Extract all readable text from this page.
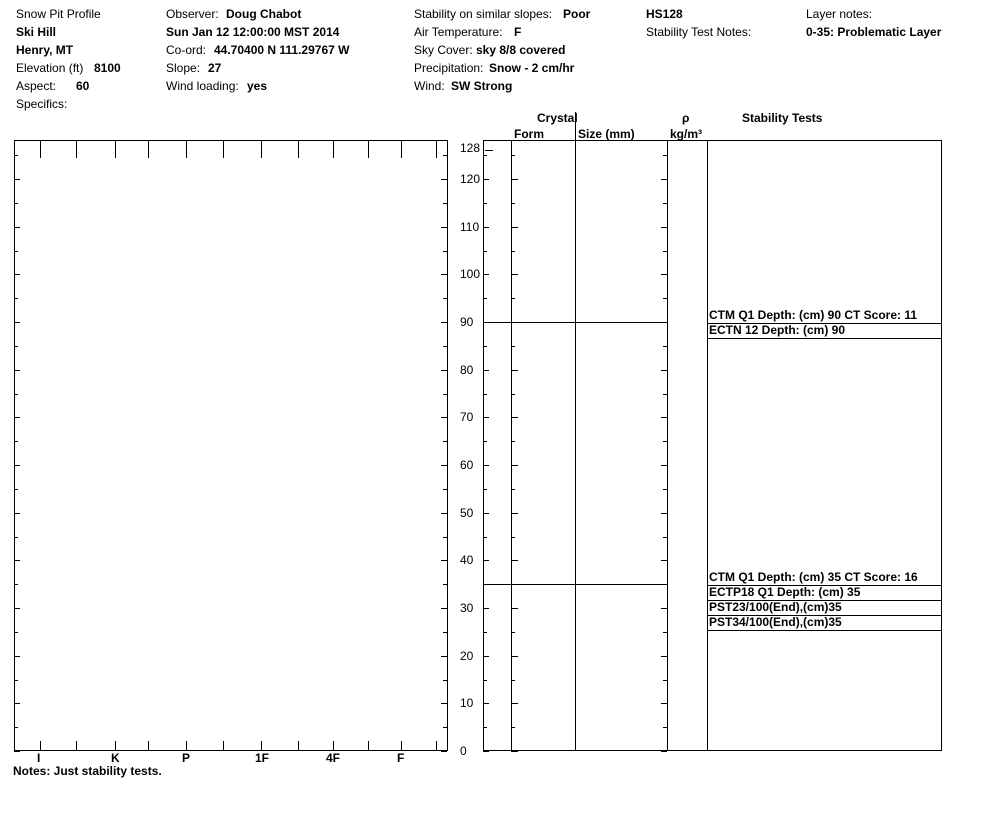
Snow Pit Profile
Ski Hill
Henry, MT
Elevation (ft) 8100
Aspect: 60
Specifics:
Observer: Doug Chabot
Sun Jan 12 12:00:00 MST 2014
Co-ord: 44.70400 N 111.29767 W
Slope: 27
Wind loading: yes
Stability on similar slopes: Poor
Air Temperature: F
Sky Cover: sky 8/8 covered
Precipitation: Snow - 2 cm/hr
Wind: SW Strong
HS128
Stability Test Notes:
Layer notes:
0-35: Problematic Layer
Crystal
Form	Size (mm)
ρ
kg/m³
Stability Tests
I	K	P	1F	4F	F
128
120
110
100
90
80
70
60
50
40
30
20
10
0
CTM Q1 Depth: (cm) 35 CT Score: 16
ECTP18 Q1 Depth: (cm) 35
PST23/100(End),(cm)35
PST34/100(End),(cm)35
CTM Q1 Depth: (cm) 90 CT Score: 11
ECTN 12 Depth: (cm) 90
Notes: Just stability tests.
